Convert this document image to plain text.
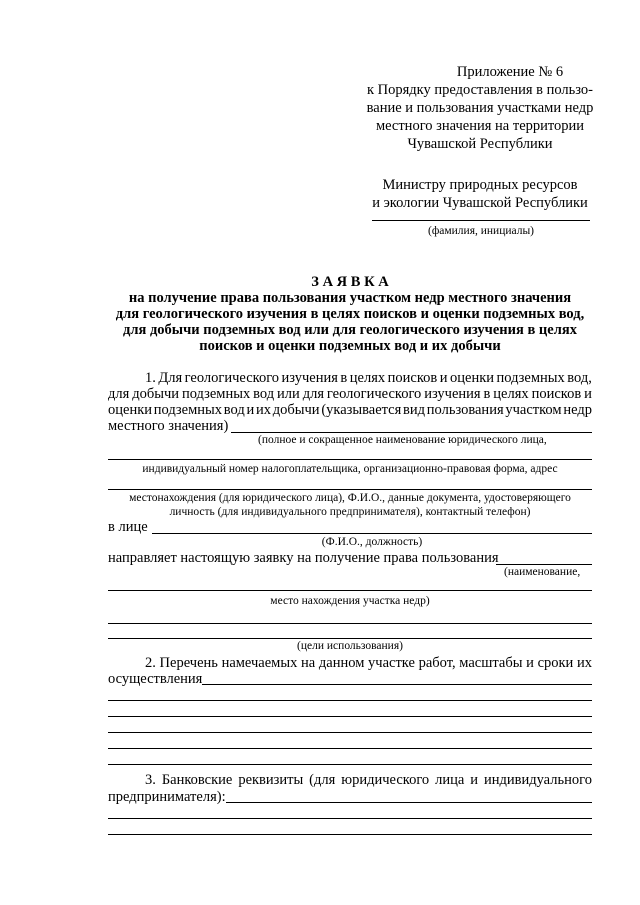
Приложение № 6
к Порядку предоставления в пользо-
вание и пользования участками недр
местного значения на территории
Чувашской Республики
Министру природных ресурсов
и экологии Чувашской Республики
(фамилия, инициалы)
З А Я В К А
на получение права пользования участком недр местного значения
для геологического изучения в целях поисков и оценки подземных вод,
для добычи подземных вод или для геологического изучения в целях
поисков и оценки подземных вод и их добычи
1. Для геологического изучения в целях поисков и оценки подземных вод,
для добычи подземных вод или для геологического изучения в целях поисков и
оценки подземных вод и их добычи (указывается вид пользования участком недр
местного значения)
(полное и сокращенное наименование юридического лица,
индивидуальный номер налогоплательщика, организационно-правовая форма, адрес
местонахождения (для юридического лица), Ф.И.О., данные документа, удостоверяющего
личность (для индивидуального предпринимателя), контактный телефон)
в лице
(Ф.И.О., должность)
направляет настоящую заявку на получение права пользования
(наименование,
место нахождения участка недр)
(цели использования)
2. Перечень намечаемых на данном участке работ, масштабы и сроки их
осуществления
3. Банковские реквизиты (для юридического лица и индивидуального
предпринимателя):
